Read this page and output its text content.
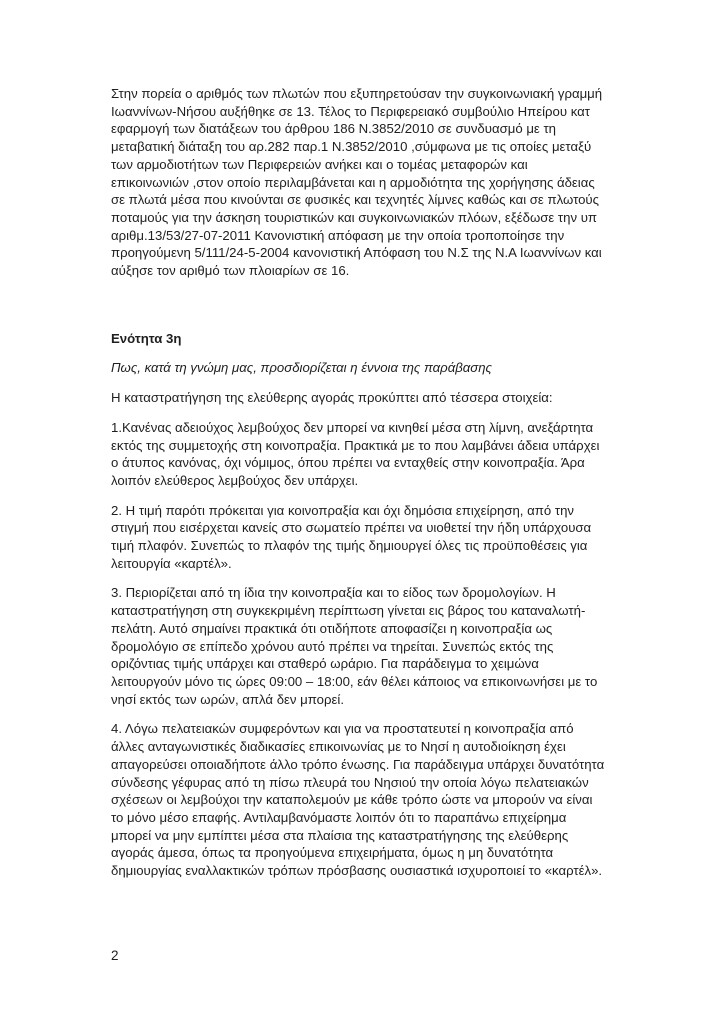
Στην πορεία ο αριθμός των πλωτών που εξυπηρετούσαν την συγκοινωνιακή γραμμή
Ιωαννίνων-Νήσου αυξήθηκε σε 13. Τέλος το Περιφερειακό συμβούλιο Ηπείρου κατ
εφαρμογή των διατάξεων του άρθρου 186 Ν.3852/2010 σε συνδυασμό με τη
μεταβατική διάταξη του αρ.282 παρ.1 Ν.3852/2010 ,σύμφωνα με τις οποίες μεταξύ
των αρμοδιοτήτων των Περιφερειών ανήκει και ο τομέας μεταφορών και
επικοινωνιών ,στον οποίο περιλαμβάνεται και η αρμοδιότητα της χορήγησης άδειας
σε πλωτά μέσα που κινούνται σε φυσικές και τεχνητές λίμνες καθώς και σε πλωτούς
ποταμούς για την άσκηση τουριστικών και συγκοινωνιακών πλόων, εξέδωσε την υπ
αριθμ.13/53/27-07-2011 Κανονιστική απόφαση με την οποία τροποποίησε την
προηγούμενη 5/111/24-5-2004 κανονιστική Απόφαση του Ν.Σ της Ν.Α Ιωαννίνων και
αύξησε τον αριθμό των πλοιαρίων σε 16.

Ενότητα 3η

Πως, κατά τη γνώμη μας, προσδιορίζεται η έννοια της παράβασης

Η καταστρατήγηση της ελεύθερης αγοράς προκύπτει από τέσσερα στοιχεία:

1.Κανένας αδειούχος λεμβούχος δεν μπορεί να κινηθεί μέσα στη λίμνη, ανεξάρτητα
εκτός της συμμετοχής στη κοινοπραξία. Πρακτικά με το που λαμβάνει άδεια υπάρχει
ο άτυπος κανόνας, όχι νόμιμος, όπου πρέπει να ενταχθείς στην κοινοπραξία. Άρα
λοιπόν ελεύθερος λεμβούχος δεν υπάρχει.

2. Η τιμή παρότι πρόκειται για κοινοπραξία και όχι δημόσια επιχείρηση, από την
στιγμή που εισέρχεται κανείς στο σωματείο πρέπει να υιοθετεί την ήδη υπάρχουσα
τιμή πλαφόν. Συνεπώς το πλαφόν της τιμής δημιουργεί όλες τις προϋποθέσεις για
λειτουργία «καρτέλ».

3. Περιορίζεται από τη ίδια την κοινοπραξία και το είδος των δρομολογίων. Η
καταστρατήγηση στη συγκεκριμένη περίπτωση γίνεται εις βάρος του καταναλωτή-
πελάτη. Αυτό σημαίνει πρακτικά ότι οτιδήποτε αποφασίζει η κοινοπραξία ως
δρομολόγιο σε επίπεδο χρόνου αυτό πρέπει να τηρείται. Συνεπώς εκτός της
οριζόντιας τιμής υπάρχει και σταθερό ωράριο. Για παράδειγμα το χειμώνα
λειτουργούν μόνο τις ώρες 09:00 – 18:00, εάν θέλει κάποιος να επικοινωνήσει με το
νησί εκτός των ωρών, απλά δεν μπορεί.

4. Λόγω πελατειακών συμφερόντων και για να προστατευτεί η κοινοπραξία από
άλλες ανταγωνιστικές διαδικασίες επικοινωνίας με το Νησί η αυτοδιοίκηση έχει
απαγορεύσει οποιαδήποτε άλλο τρόπο ένωσης. Για παράδειγμα υπάρχει δυνατότητα
σύνδεσης γέφυρας από τη πίσω πλευρά του Νησιού την οποία λόγω πελατειακών
σχέσεων οι λεμβούχοι την καταπολεμούν με κάθε τρόπο ώστε να μπορούν να είναι
το μόνο μέσο επαφής. Αντιλαμβανόμαστε λοιπόν ότι το παραπάνω επιχείρημα
μπορεί να μην εμπίπτει μέσα στα πλαίσια της καταστρατήγησης της ελεύθερης
αγοράς άμεσα, όπως τα προηγούμενα επιχειρήματα, όμως η μη δυνατότητα
δημιουργίας εναλλακτικών τρόπων πρόσβασης ουσιαστικά ισχυροποιεί το «καρτέλ».

2
